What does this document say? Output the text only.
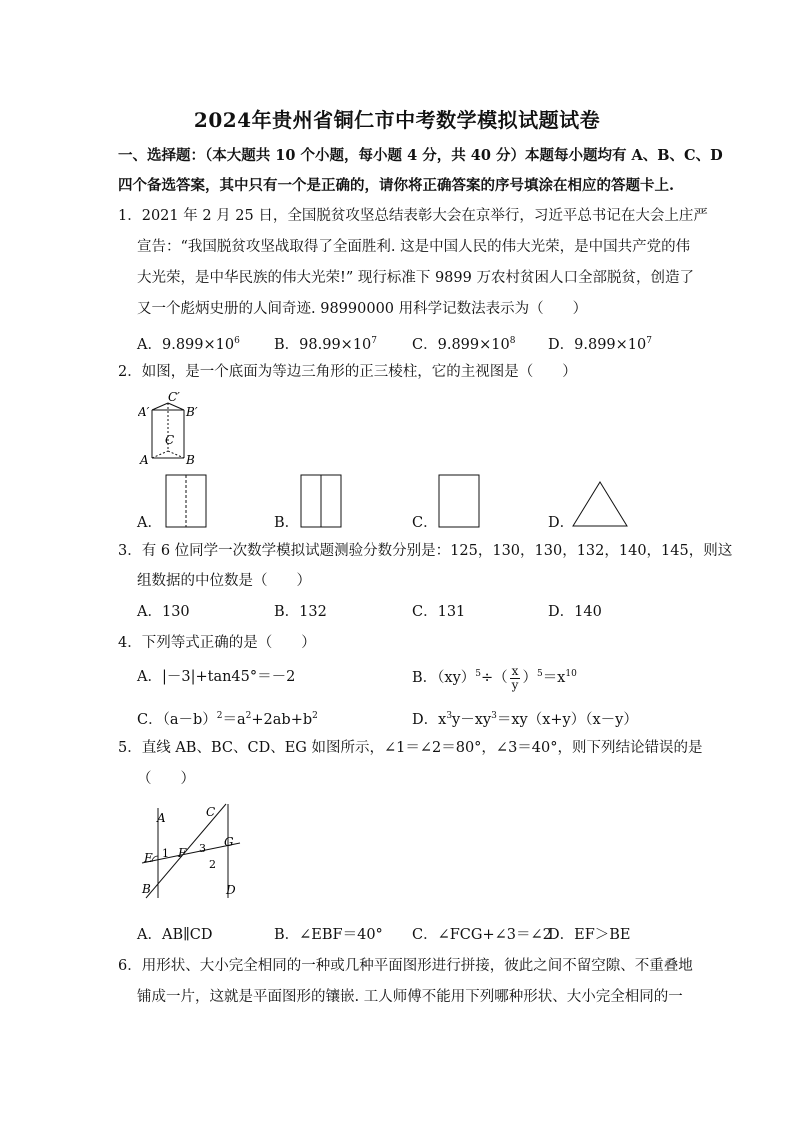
2024年贵州省铜仁市中考数学模拟试题试卷
一、选择题：（本大题共 10 个小题，每小题 4 分，共 40 分）本题每小题均有 A、B、C、D
四个备选答案，其中只有一个是正确的，请你将正确答案的序号填涂在相应的答题卡上.
1．2021 年 2 月 25 日，全国脱贫攻坚总结表彰大会在京举行，习近平总书记在大会上庄严
宣告：“我国脱贫攻坚战取得了全面胜利. 这是中国人民的伟大光荣，是中国共产党的伟
大光荣，是中华民族的伟大光荣!” 现行标准下 9899 万农村贫困人口全部脱贫，创造了
又一个彪炳史册的人间奇迹. 98990000 用科学记数法表示为（　　）
A．$9.899\times 10^6$ B．$98.99\times 10^7$ C．$9.899\times 10^8$ D．$9.899\times 10^7$
2．如图，是一个底面为等边三角形的正三棱柱，它的主视图是（　　）
A′	B′
C′
A	B
C
A．	B．	C．	D．
3．有 6 位同学一次数学模拟试题测验分数分别是：125，130，130，132，140，145，则这
组数据的中位数是（　　）
A．130	B．132	C．131	D．140
4．下列等式正确的是（　　）
A．|－3|+tan45°＝－2	B．$(xy)^5\div( \frac{x}{y} )^5=x^{10}$
C．$(a-b)^2=a^2+2ab+b^2$	D．$x^3y-xy^3=xy(x+y)(x-y)$
5．直线 AB、BC、CD、EG 如图所示，∠1＝∠2＝80°，∠3＝40°，则下列结论错误的是
（　　）
A
B
C
D
E F
G
1
2
3
A．AB∥CD	B．∠EBF＝40° C．∠FCG+∠3＝∠2
D．EF＞BE
6．用形状、大小完全相同的一种或几种平面图形进行拼接，彼此之间不留空隙、不重叠地
铺成一片，这就是平面图形的镶嵌. 工人师傅不能用下列哪种形状、大小完全相同的一
